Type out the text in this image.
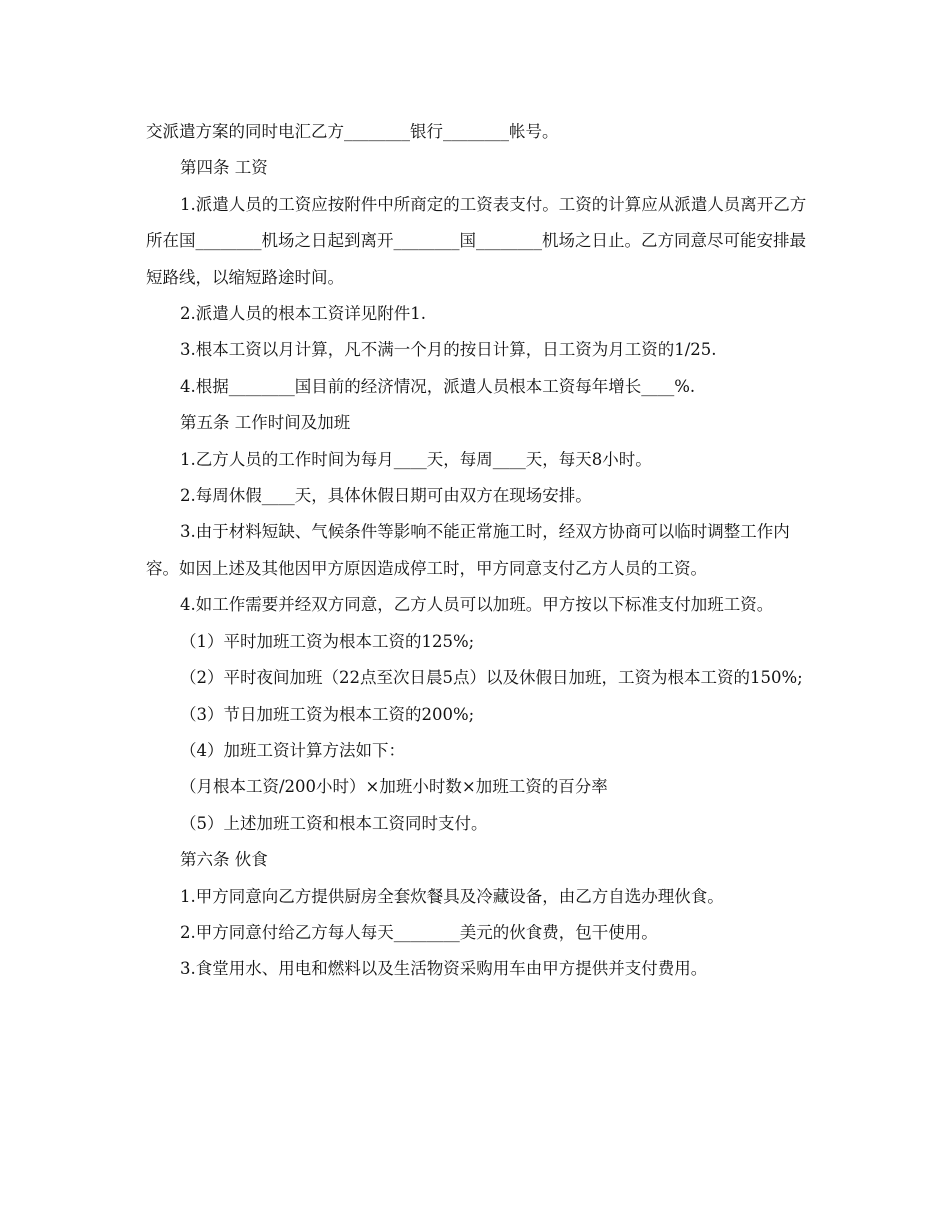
交派遣方案的同时电汇乙方________银行________帐号。

第四条 工资

1.派遣人员的工资应按附件中所商定的工资表支付。工资的计算应从派遣人员离开乙方所在国________机场之日起到离开________国________机场之日止。乙方同意尽可能安排最短路线，以缩短路途时间。

2.派遣人员的根本工资详见附件1.

3.根本工资以月计算，凡不满一个月的按日计算，日工资为月工资的1/25.

4.根据________国目前的经济情况，派遣人员根本工资每年增长____%.

第五条 工作时间及加班

1.乙方人员的工作时间为每月____天，每周____天，每天8小时。

2.每周休假____天，具体休假日期可由双方在现场安排。

3.由于材料短缺、气候条件等影响不能正常施工时，经双方协商可以临时调整工作内容。如因上述及其他因甲方原因造成停工时，甲方同意支付乙方人员的工资。

4.如工作需要并经双方同意，乙方人员可以加班。甲方按以下标准支付加班工资。

（1）平时加班工资为根本工资的125%;

（2）平时夜间加班（22点至次日晨5点）以及休假日加班，工资为根本工资的150%;

（3）节日加班工资为根本工资的200%;

（4）加班工资计算方法如下：

（月根本工资/200小时）×加班小时数×加班工资的百分率

（5）上述加班工资和根本工资同时支付。

第六条 伙食

1.甲方同意向乙方提供厨房全套炊餐具及冷藏设备，由乙方自选办理伙食。

2.甲方同意付给乙方每人每天________美元的伙食费，包干使用。

3.食堂用水、用电和燃料以及生活物资采购用车由甲方提供并支付费用。
